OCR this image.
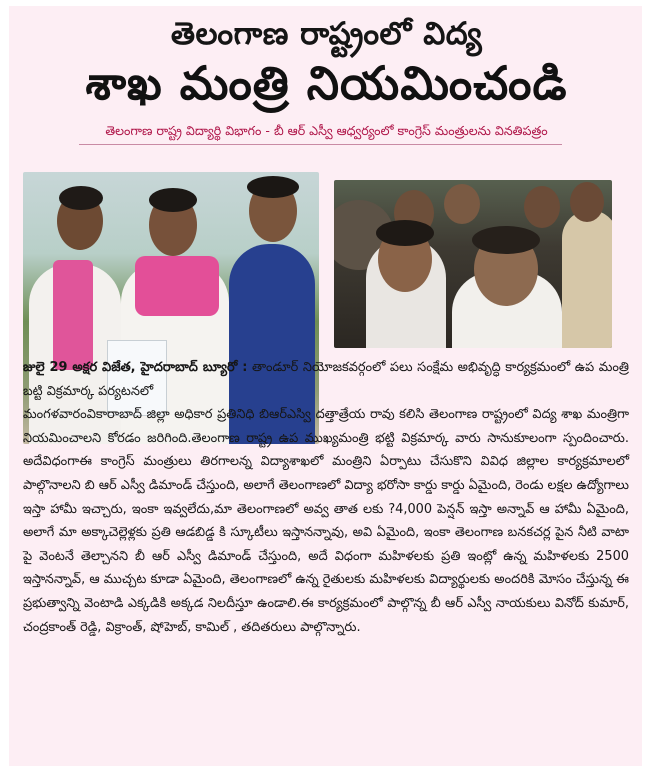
తెలంగాణ రాష్ట్రంలో విద్య
శాఖ మంత్రి నియమించండి
తెలంగాణ రాష్ట్ర విద్యార్థి విభాగం - బీ ఆర్ ఎస్వీ ఆధ్వర్యంలో కాంగ్రెస్ మంత్రులను వినతిపత్రం

జులై 29 అక్షర విజేత, హైదరాబాద్ బ్యూరో : తాండూర్ నియోజకవర్గంలో పలు సంక్షేమ అభివృద్ధి కార్యక్రమంలో ఉప మంత్రి బట్టి విక్రమార్క పర్యటనలో

మంగళవారంవికారాబాద్ జిల్లా అధికార ప్రతినిధి బిఆర్ఎస్వి దత్తాత్రేయ రావు కలిసి తెలంగాణ రాష్ట్రంలో విద్య శాఖ మంత్రిగా నియమించాలని కోరడం జరిగింది.తెలంగాణ రాష్ట్ర ఉప ముఖ్యమంత్రి భట్టి విక్రమార్క వారు సానుకూలంగా స్పందించారు. అదేవిధంగాఈ కాంగ్రెస్ మంత్రులు తిరగాలన్న విద్యాశాఖలో మంత్రిని ఏర్పాటు చేసుకొని వివిధ జిల్లాల కార్యక్రమాలలో పాల్గొనాలని బి ఆర్ ఎస్వీ డిమాండ్ చేస్తుంది, అలాగే తెలంగాణలో విద్యా భరోసా కార్డు కార్డు ఏమైంది, రెండు లక్షల ఉద్యోగాలు ఇస్తా హామీ ఇచ్చారు, ఇంకా ఇవ్వలేదు,మా తెలంగాణలో అవ్వ తాత లకు ?4,000 పెన్షన్ ఇస్తా అన్నావ్ ఆ హామీ ఏమైంది, అలాగే మా అక్కాచెల్లెళ్లకు ప్రతి ఆడబిడ్డ కి స్కూటీలు ఇస్తానన్నావు, అవి ఏమైంది, ఇంకా తెలంగాణ బనకచర్ల పైన నీటి వాటా పై వెంటనే తెల్చానని బీ ఆర్ ఎస్వీ డిమాండ్ చేస్తుంది, అదే విధంగా మహిళలకు ప్రతి ఇంట్లో ఉన్న మహిళలకు 2500 ఇస్తానన్నావ్, ఆ ముచ్చట కూడా ఏమైంది, తెలంగాణలో ఉన్న రైతులకు మహిళలకు విద్యార్థులకు అందరికి మోసం చేస్తున్న ఈ ప్రభుత్వాన్ని వెంటాడి ఎక్కడికి అక్కడ నిలదీస్తూ ఉండాలి.ఈ కార్యక్రమంలో పాల్గొన్న బీ ఆర్ ఎస్వీ నాయకులు వినోద్ కుమార్, చంద్రకాంత్ రెడ్డి, విక్రాంత్, షోహెబ్, కామిల్ , తదితరులు పాల్గొన్నారు.
